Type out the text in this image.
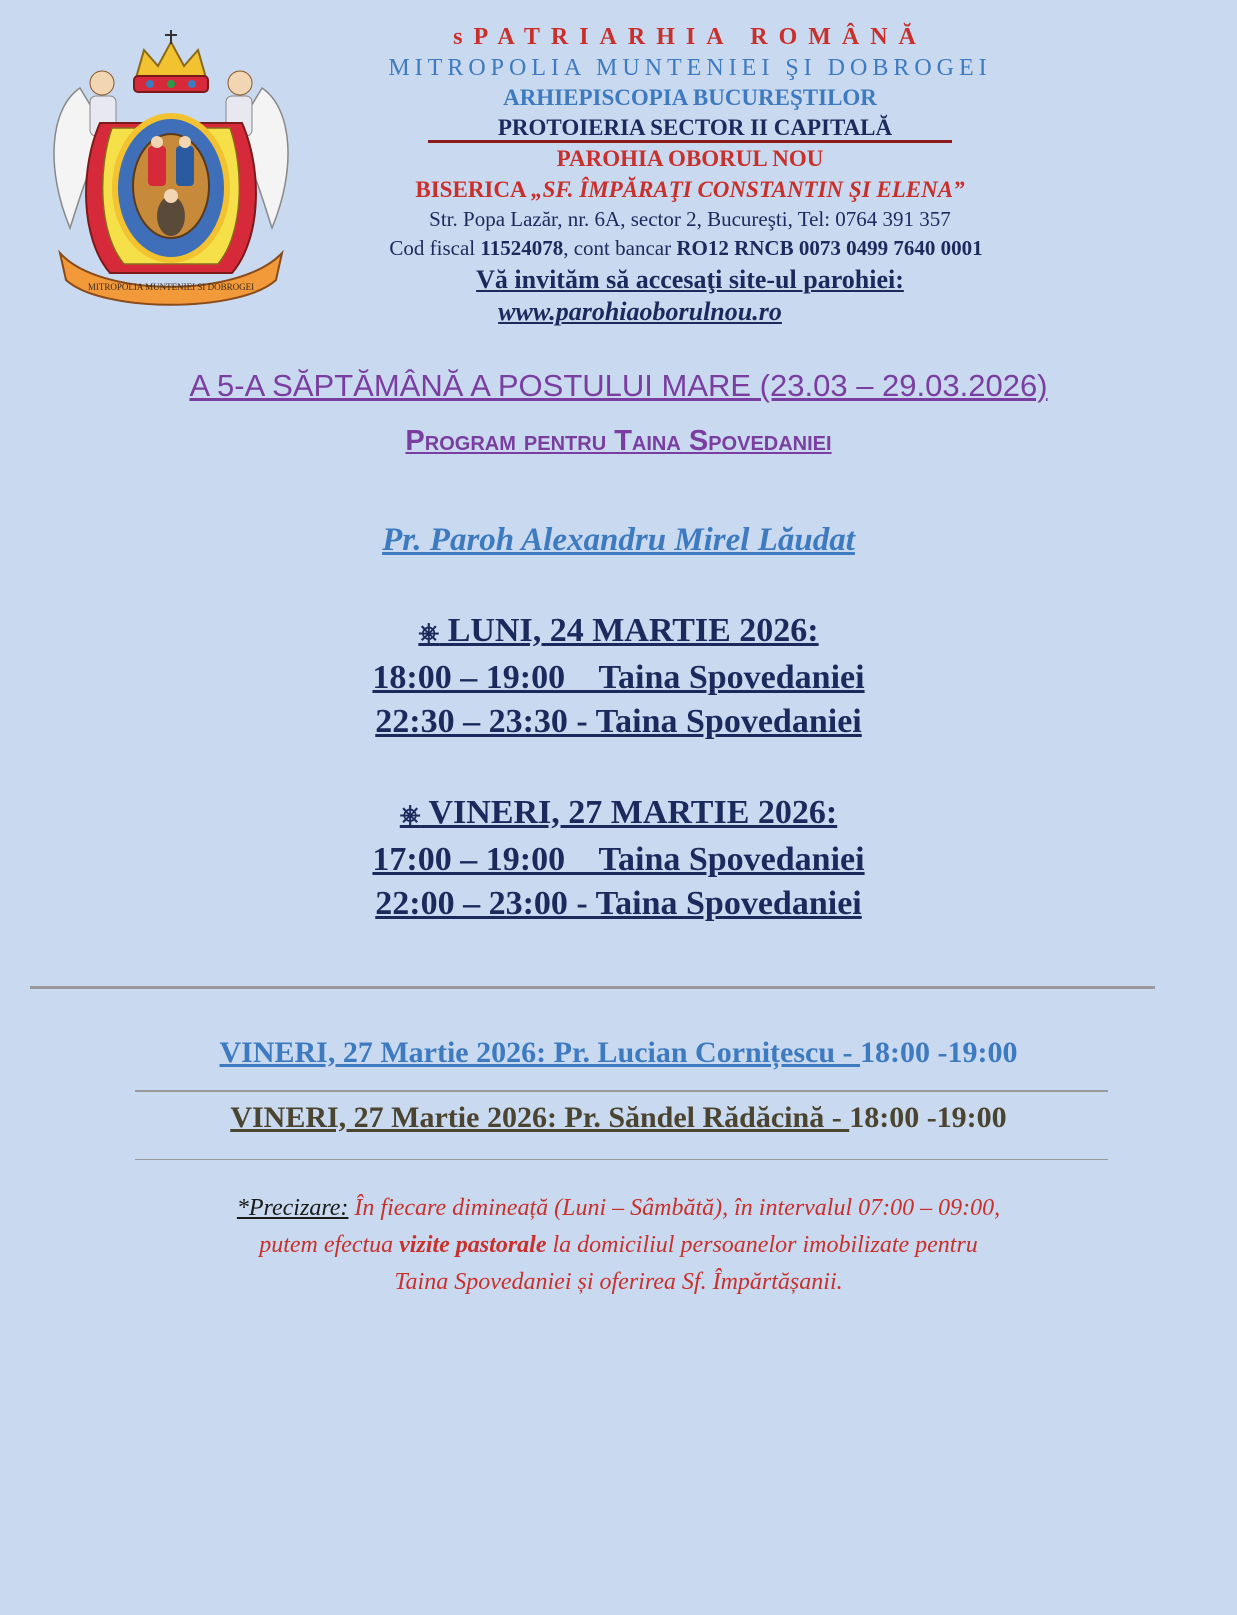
MITROPOLIA MUNTENIEI SI DOBROGEI

sPATRIARHIA ROMÂNĂ

MITROPOLIA MUNTENIEI ŞI DOBROGEI

ARHIEPISCOPIA BUCUREŞTILOR

PROTOIERIA SECTOR II CAPITALĂ

PAROHIA OBORUL NOU

BISERICA „SF. ÎMPĂRAŢI CONSTANTIN ŞI ELENA”

Str. Popa Lazăr, nr. 6A, sector 2, Bucureşti, Tel: 0764 391 357

Cod fiscal 11524078, cont bancar RO12 RNCB 0073 0499 7640 0001

Vă invităm să accesaţi site-ul parohiei:

www.parohiaoborulnou.ro

A 5-A SĂPTĂMÂNĂ A POSTULUI MARE (23.03 – 29.03.2026)
Program pentru Taina Spovedaniei
Pr. Paroh Alexandru Mirel Lăudat
⎈ LUNI, 24 MARTIE 2026:
18:00 – 19:00 _ Taina Spovedaniei
22:30 – 23:30 - Taina Spovedaniei
⎈ VINERI, 27 MARTIE 2026:
17:00 – 19:00 _ Taina Spovedaniei
22:00 – 23:00 - Taina Spovedaniei
VINERI, 27 Martie 2026: Pr. Lucian Cornițescu - 18:00 -19:00
VINERI, 27 Martie 2026: Pr. Săndel Rădăcină - 18:00 -19:00
*Precizare: În fiecare dimineață (Luni – Sâmbătă), în intervalul 07:00 – 09:00,
putem efectua vizite pastorale la domiciliul persoanelor imobilizate pentru
Taina Spovedaniei și oferirea Sf. Împărtășanii.
